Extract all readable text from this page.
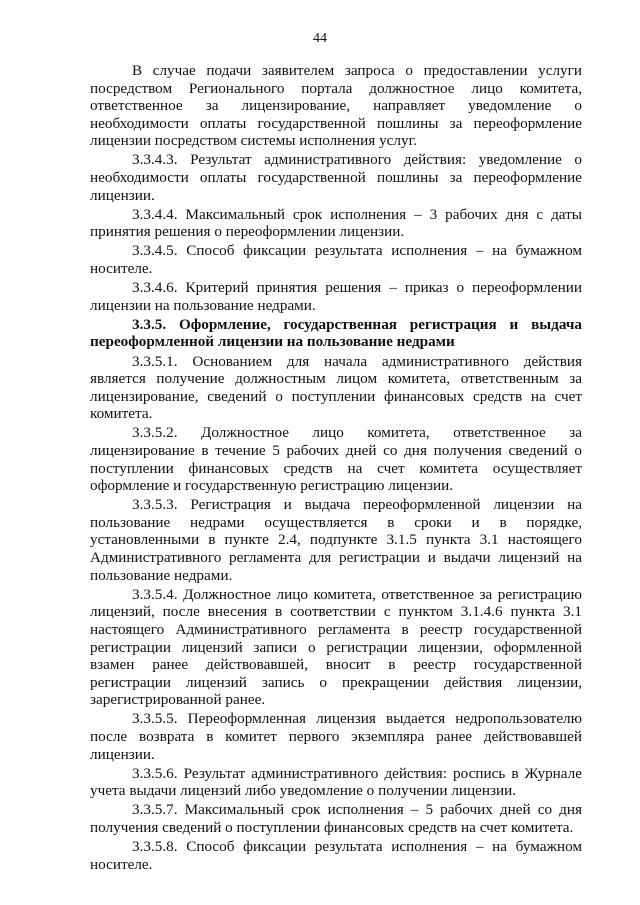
44

В случае подачи заявителем запроса о предоставлении услуги посредством Регионального портала должностное лицо комитета, ответственное за лицензирование, направляет уведомление о необходимости оплаты государственной пошлины за переоформление лицензии посредством системы исполнения услуг.

3.3.4.3. Результат административного действия: уведомление о необходимости оплаты государственной пошлины за переоформление лицензии.

3.3.4.4. Максимальный срок исполнения – 3 рабочих дня с даты принятия решения о переоформлении лицензии.

3.3.4.5. Способ фиксации результата исполнения – на бумажном носителе.

3.3.4.6. Критерий принятия решения – приказ о переоформлении лицензии на пользование недрами.

3.3.5. Оформление, государственная регистрация и выдача переоформленной лицензии на пользование недрами

3.3.5.1. Основанием для начала административного действия является получение должностным лицом комитета, ответственным за лицензирование, сведений о поступлении финансовых средств на счет комитета.

3.3.5.2. Должностное лицо комитета, ответственное за лицензирование в течение 5 рабочих дней со дня получения сведений о поступлении финансовых средств на счет комитета осуществляет оформление и государственную регистрацию лицензии.

3.3.5.3. Регистрация и выдача переоформленной лицензии на пользование недрами осуществляется в сроки и в порядке, установленными в пункте 2.4, подпункте 3.1.5 пункта 3.1 настоящего Административного регламента для регистрации и выдачи лицензий на пользование недрами.

3.3.5.4. Должностное лицо комитета, ответственное за регистрацию лицензий, после внесения в соответствии с пунктом 3.1.4.6 пункта 3.1 настоящего Административного регламента в реестр государственной регистрации лицензий записи о регистрации лицензии, оформленной взамен ранее действовавшей, вносит в реестр государственной регистрации лицензий запись о прекращении действия лицензии, зарегистрированной ранее.

3.3.5.5. Переоформленная лицензия выдается недропользователю после возврата в комитет первого экземпляра ранее действовавшей лицензии.

3.3.5.6. Результат административного действия: роспись в Журнале учета выдачи лицензий либо уведомление о получении лицензии.

3.3.5.7. Максимальный срок исполнения – 5 рабочих дней со дня получения сведений о поступлении финансовых средств на счет комитета.

3.3.5.8. Способ фиксации результата исполнения – на бумажном носителе.
